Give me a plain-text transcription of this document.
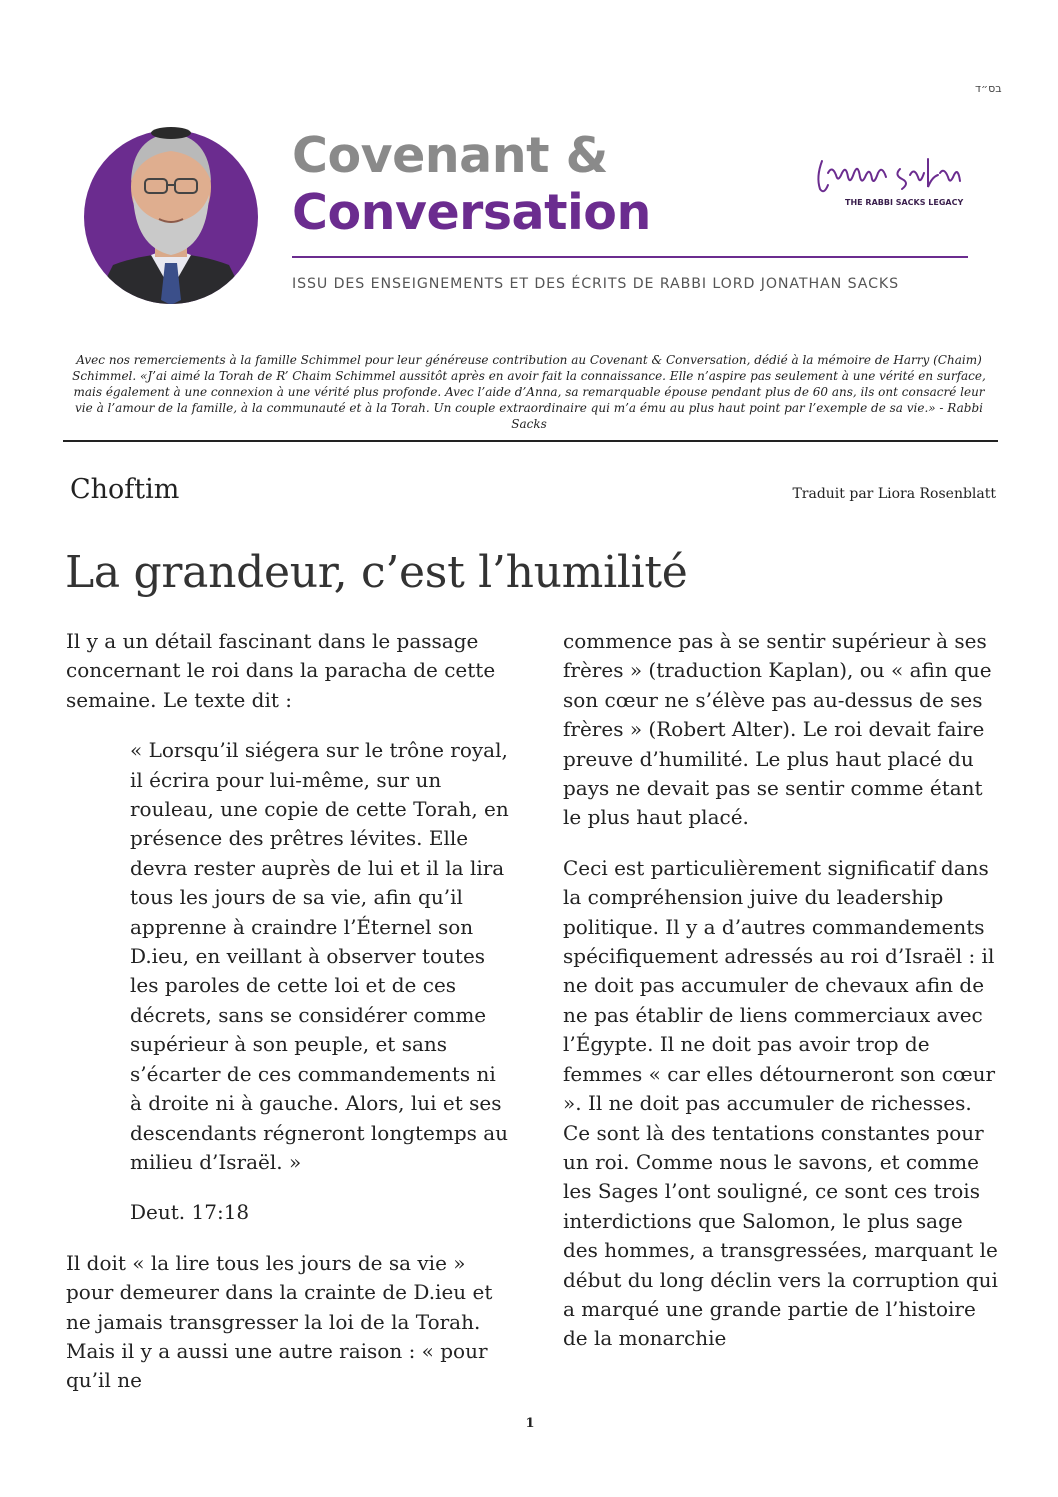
בס״ד
Covenant &
Conversation	THE RABBI SACKS LEGACY
ISSU DES ENSEIGNEMENTS ET DES ÉCRITS DE RABBI LORD JONATHAN SACKS
Avec nos remerciements à la famille Schimmel pour leur généreuse contribution au Covenant & Conversation, dédié à la mémoire de Harry (Chaim) Schimmel. «J’ai aimé la Torah de R’ Chaim Schimmel aussitôt après en avoir fait la connaissance. Elle n’aspire pas seulement à une vérité en surface, mais également à une connexion à une vérité plus profonde. Avec l’aide d’Anna, sa remarquable épouse pendant plus de 60 ans, ils ont consacré leur vie à l’amour de la famille, à la communauté et à la Torah. Un couple extraordinaire qui m’a ému au plus haut point par l’exemple de sa vie.» - Rabbi Sacks
Choftim	Traduit par Liora Rosenblatt
La grandeur, c’est l’humilité

Il y a un détail fascinant dans le passage concernant le roi dans la paracha de cette semaine. Le texte dit :

« Lorsqu’il siégera sur le trône royal, il écrira pour lui-même, sur un rouleau, une copie de cette Torah, en présence des prêtres lévites. Elle devra rester auprès de lui et il la lira tous les jours de sa vie, afin qu’il apprenne à craindre l’Éternel son D.ieu, en veillant à observer toutes les paroles de cette loi et de ces décrets, sans se considérer comme supérieur à son peuple, et sans s’écarter de ces commandements ni à droite ni à gauche. Alors, lui et ses descendants régneront longtemps au milieu d’Israël. »

Deut. 17:18

Il doit « la lire tous les jours de sa vie » pour demeurer dans la crainte de D.ieu et ne jamais transgresser la loi de la Torah. Mais il y a aussi une autre raison : « pour qu’il ne

commence pas à se sentir supérieur à ses frères » (traduction Kaplan), ou « afin que son cœur ne s’élève pas au-dessus de ses frères » (Robert Alter). Le roi devait faire preuve d’humilité. Le plus haut placé du pays ne devait pas se sentir comme étant le plus haut placé.

Ceci est particulièrement significatif dans la compréhension juive du leadership politique. Il y a d’autres commandements spécifiquement adressés au roi d’Israël : il ne doit pas accumuler de chevaux afin de ne pas établir de liens commerciaux avec l’Égypte. Il ne doit pas avoir trop de femmes « car elles détourneront son cœur ». Il ne doit pas accumuler de richesses. Ce sont là des tentations constantes pour un roi. Comme nous le savons, et comme les Sages l’ont souligné, ce sont ces trois interdictions que Salomon, le plus sage des hommes, a transgressées, marquant le début du long déclin vers la corruption qui a marqué une grande partie de l’histoire de la monarchie

1
